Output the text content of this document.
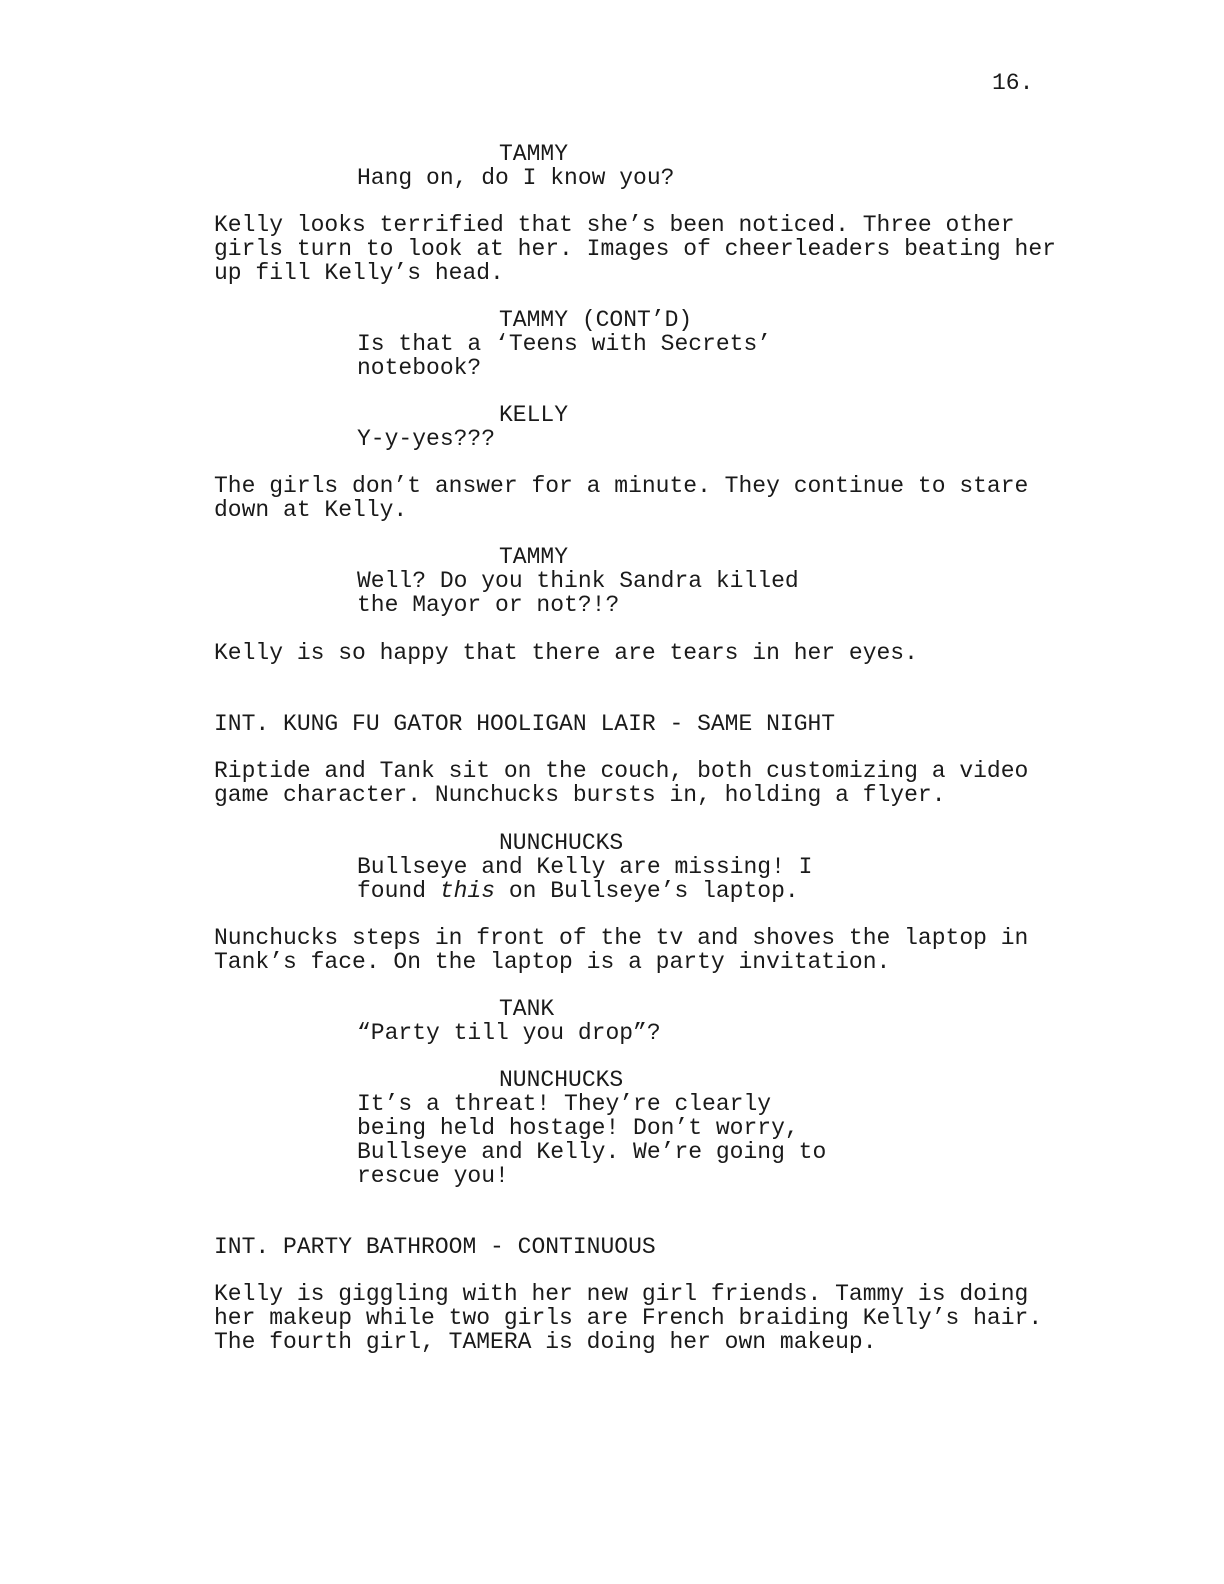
16.
TAMMY
Hang on, do I know you?
Kelly looks terrified that she’s been noticed. Three other
girls turn to look at her. Images of cheerleaders beating her
up fill Kelly’s head.
TAMMY (CONT’D)
Is that a ‘Teens with Secrets’
notebook?
KELLY
Y-y-yes???
The girls don’t answer for a minute. They continue to stare
down at Kelly.
TAMMY
Well? Do you think Sandra killed
the Mayor or not?!?
Kelly is so happy that there are tears in her eyes.
INT. KUNG FU GATOR HOOLIGAN LAIR - SAME NIGHT
Riptide and Tank sit on the couch, both customizing a video
game character. Nunchucks bursts in, holding a flyer.
NUNCHUCKS
Bullseye and Kelly are missing! I
found this on Bullseye’s laptop.
Nunchucks steps in front of the tv and shoves the laptop in
Tank’s face. On the laptop is a party invitation.
TANK
“Party till you drop”?
NUNCHUCKS
It’s a threat! They’re clearly
being held hostage! Don’t worry,
Bullseye and Kelly. We’re going to
rescue you!
INT. PARTY BATHROOM - CONTINUOUS
Kelly is giggling with her new girl friends. Tammy is doing
her makeup while two girls are French braiding Kelly’s hair.
The fourth girl, TAMERA is doing her own makeup.
